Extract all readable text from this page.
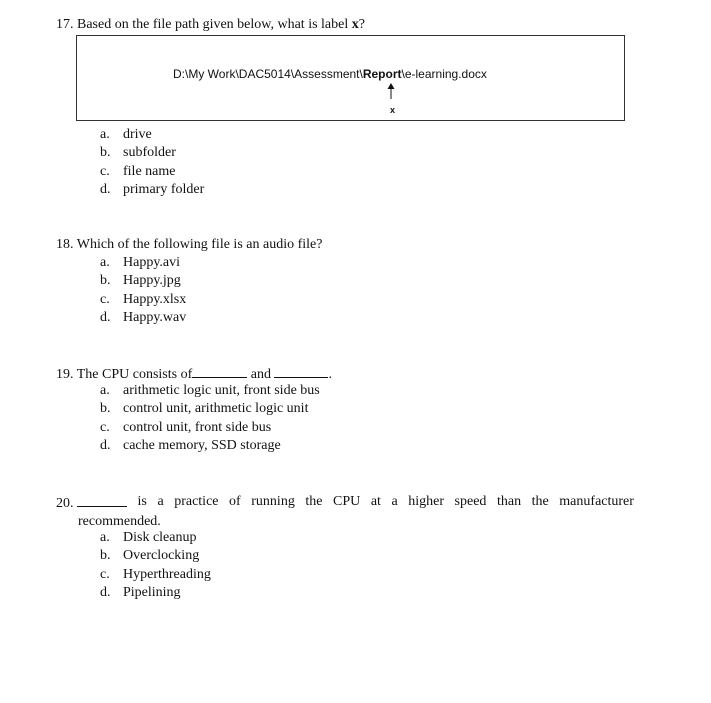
17. Based on the file path given below, what is label x?
D:\My Work\DAC5014\Assessment\Report\e-learning.docx
x
a. drive
b. subfolder
c. file name
d. primary folder
18. Which of the following file is an audio file?
a. Happy.avi
b. Happy.jpg
c. Happy.xlsx
d. Happy.wav
19. The CPU consists of	and	.
a. arithmetic logic unit, front side bus
b. control unit, arithmetic logic unit
c. control unit, front side bus
d. cache memory, SSD storage
20.	is a practice of running the CPU at a higher speed than the manufacturer
recommended.
a. Disk cleanup
b. Overclocking
c. Hyperthreading
d. Pipelining
